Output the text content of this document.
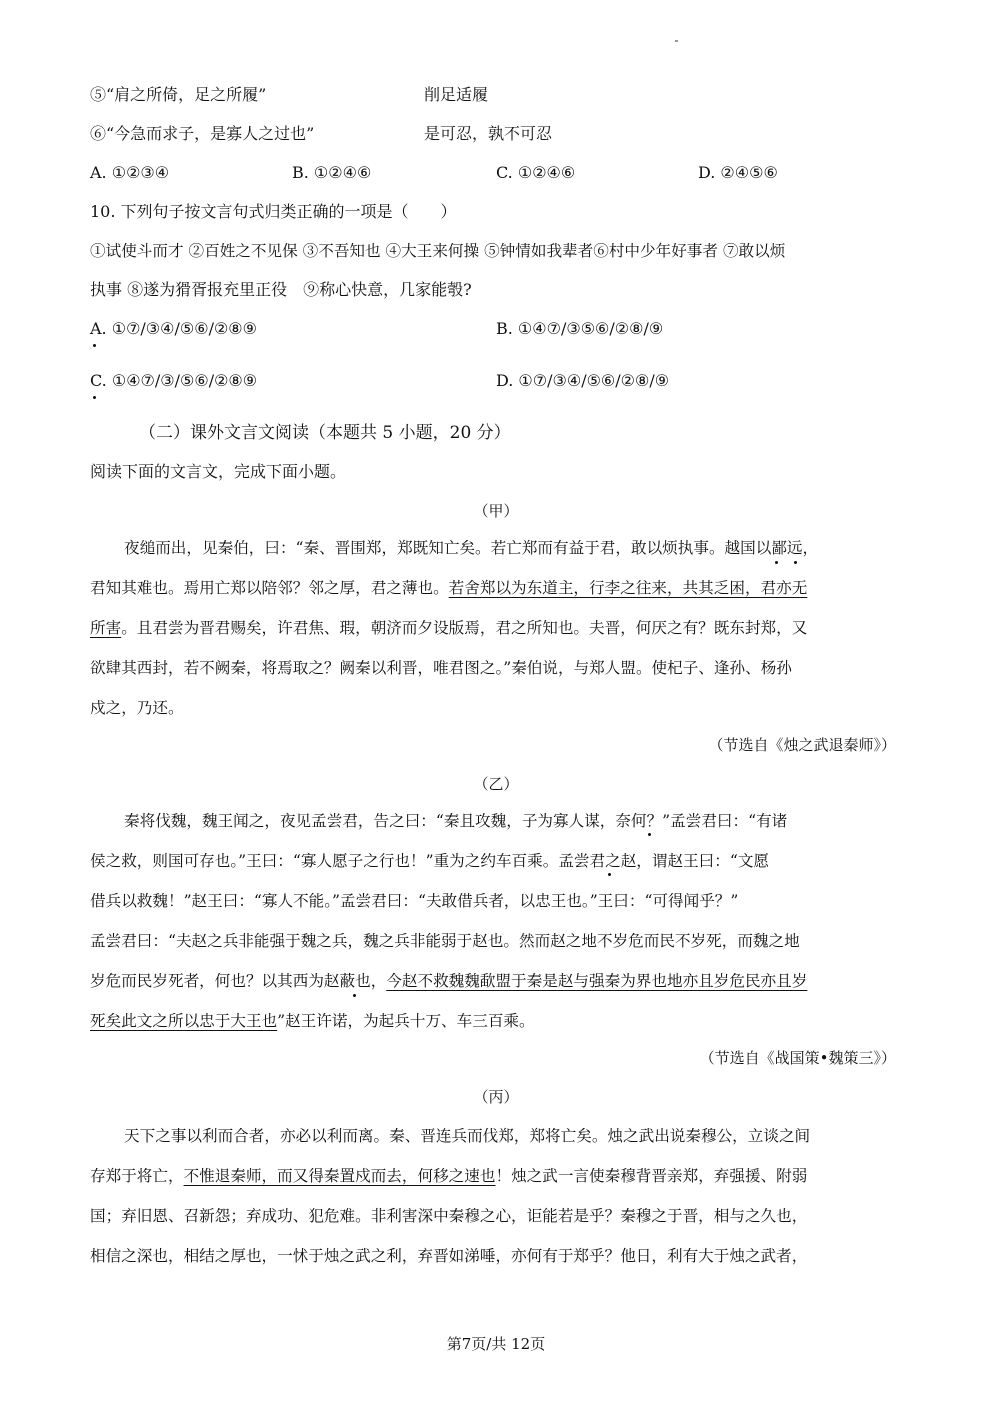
⑤“肩之所倚，足之所履”	削足适履
⑥“今急而求子，是寡人之过也”	是可忍，孰不可忍
A. ①②③④	B. ①②④⑥	C. ①②④⑥	D. ②④⑤⑥
10. 下列句子按文言句式归类正确的一项是（　　）
①试使斗而才 ②百姓之不见保 ③不吾知也 ④大王来何操 ⑤钟情如我辈者⑥村中少年好事者 ⑦敢以烦
执事 ⑧遂为猾胥报充里正役　⑨称心快意，几家能彀?
A. ①⑦/③④/⑤⑥/②⑧⑨	B. ①④⑦/③⑤⑥/②⑧/⑨
C. ①④⑦/③/⑤⑥/②⑧⑨	D. ①⑦/③④/⑤⑥/②⑧/⑨
（二）课外文言文阅读（本题共 5 小题，20 分）
阅读下面的文言文，完成下面小题。
（甲）
夜缒而出，见秦伯，曰：“秦、晋围郑，郑既知亡矣。若亡郑而有益于君，敢以烦执事。越国以鄙远，
君知其难也。焉用亡郑以陪邻？邻之厚，君之薄也。若舍郑以为东道主，行李之往来，共其乏困，君亦无
所害。且君尝为晋君赐矣，许君焦、瑕，朝济而夕设版焉，君之所知也。夫晋，何厌之有？既东封郑，又
欲肆其西封，若不阙秦，将焉取之？阙秦以利晋，唯君图之。”秦伯说，与郑人盟。使杞子、逢孙、杨孙
戍之，乃还。
（节选自《烛之武退秦师》）
（乙）
秦将伐魏，魏王闻之，夜见孟尝君，告之曰：“秦且攻魏，子为寡人谋，奈何？”孟尝君曰：“有诸
侯之救，则国可存也。”王曰：“寡人愿子之行也！”重为之约车百乘。孟尝君之赵，谓赵王曰：“文愿
借兵以救魏！”赵王曰：“寡人不能。”孟尝君曰：“夫敢借兵者，以忠王也。”王曰：“可得闻乎？”
孟尝君曰：“夫赵之兵非能强于魏之兵，魏之兵非能弱于赵也。然而赵之地不岁危而民不岁死，而魏之地
岁危而民岁死者，何也？以其西为赵蔽也，今赵不救魏魏歃盟于秦是赵与强秦为界也地亦且岁危民亦且岁
死矣此文之所以忠于大王也”赵王许诺，为起兵十万、车三百乘。
（节选自《战国策•魏策三》）
（丙）
天下之事以利而合者，亦必以利而离。秦、晋连兵而伐郑，郑将亡矣。烛之武出说秦穆公，立谈之间
存郑于将亡，不惟退秦师，而又得秦置戍而去，何移之速也！烛之武一言使秦穆背晋亲郑，弃强援、附弱
国；弃旧恩、召新怨；弃成功、犯危难。非利害深中秦穆之心，讵能若是乎？秦穆之于晋，相与之久也，
相信之深也，相结之厚也，一怵于烛之武之利，弃晋如涕唾，亦何有于郑乎？他日，利有大于烛之武者，
第7页/共 12页
